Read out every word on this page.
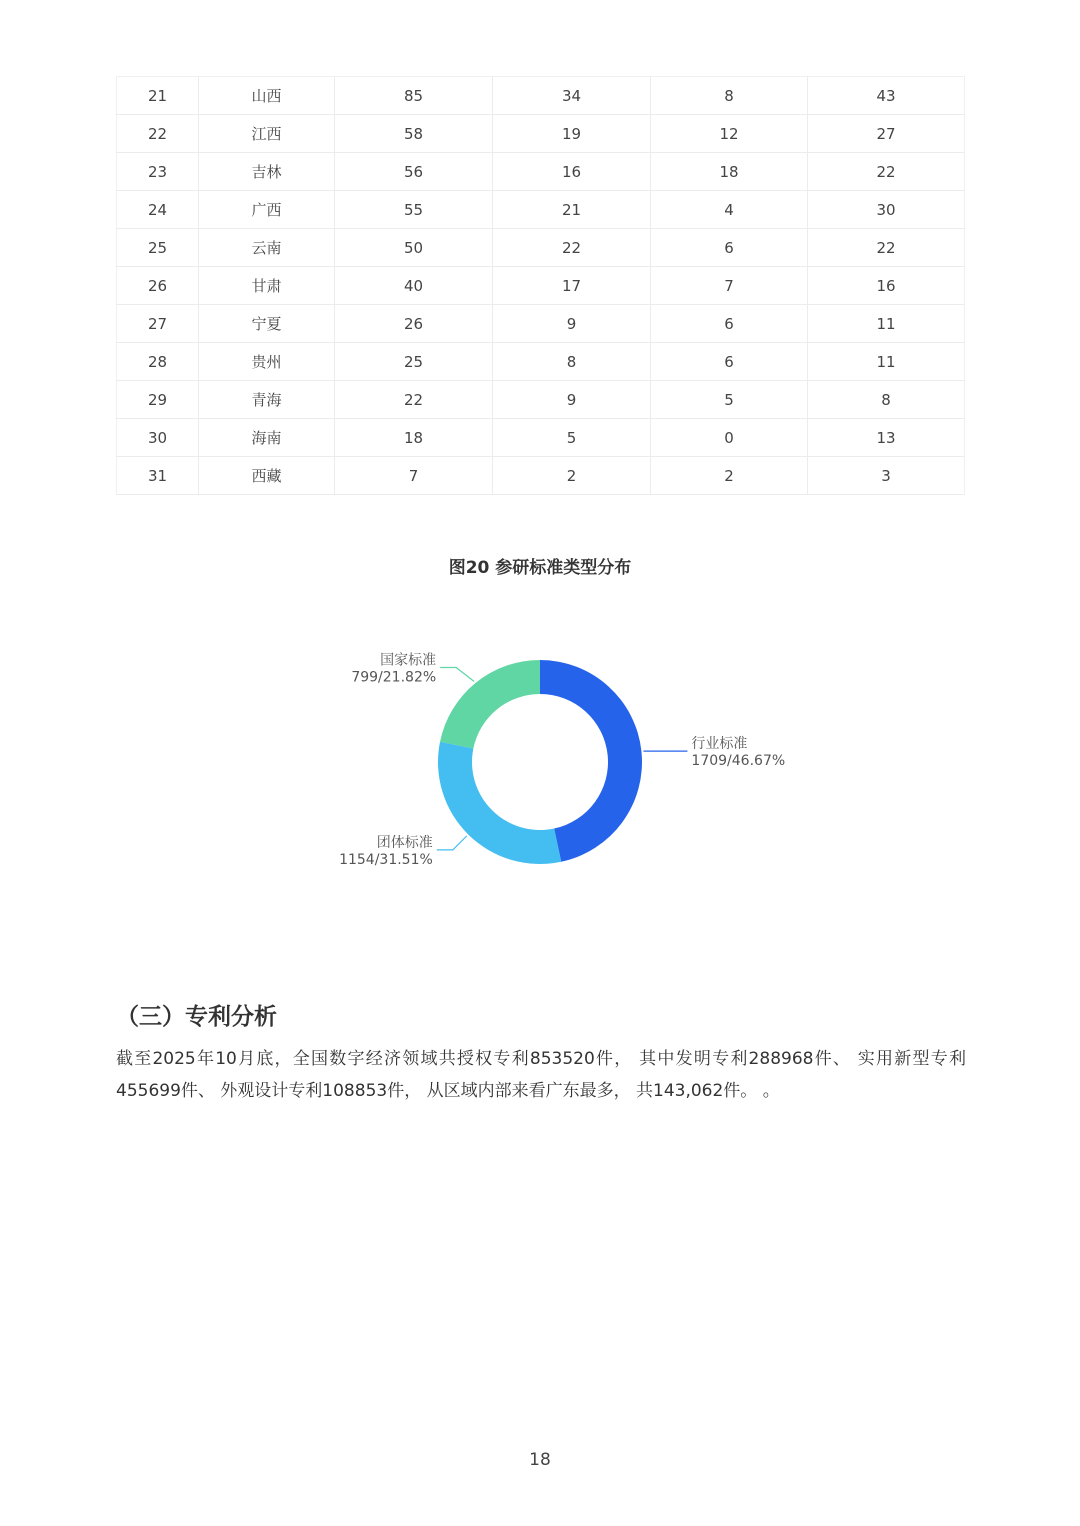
21	山西	85	34	8	43
22	江西	58	19	12	27
23	吉林	56	16	18	22
24	广西	55	21	4	30
25	云南	50	22	6	22
26	甘肃	40	17	7	16
27	宁夏	26	9	6	11
28	贵州	25	8	6	11
29	青海	22	9	5	8
30	海南	18	5	0	13
31	西藏	7	2	2	3
图20 参研标准类型分布
行业标准
1709/46.67%
团体标准
1154/31.51%
国家标准
799/21.82%
（三）专利分析
截至2025年10月底，全国数字经济领域共授权专利853520件， 其中发明专利288968件、 实用新型专利455699件、 外观设计专利108853件， 从区域内部来看广东最多， 共143,062件。 。
18
